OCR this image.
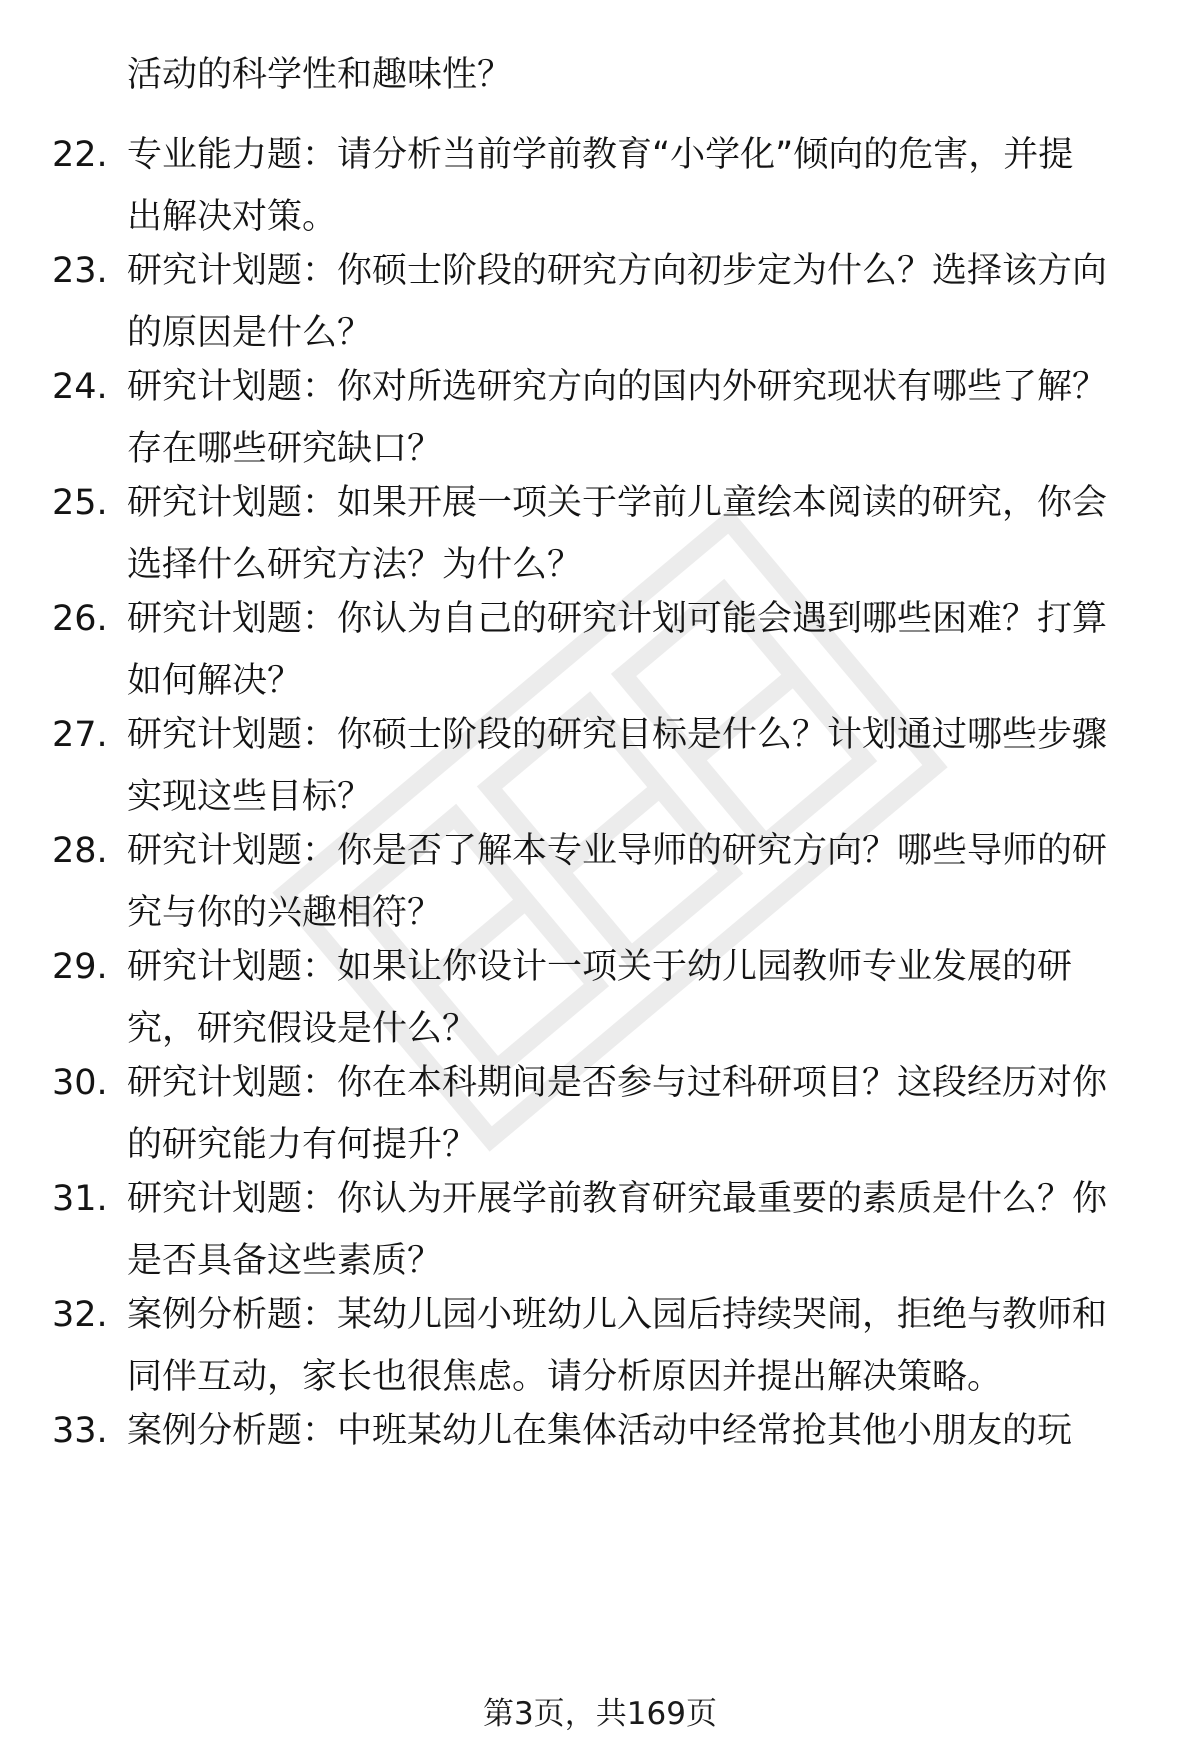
活动的科学性和趣味性？
22. 专业能力题：请分析当前学前教育“小学化”倾向的危害，并提
出解决对策。
23. 研究计划题：你硕士阶段的研究方向初步定为什么？选择该方向
的原因是什么？
24. 研究计划题：你对所选研究方向的国内外研究现状有哪些了解？
存在哪些研究缺口？
25. 研究计划题：如果开展一项关于学前儿童绘本阅读的研究，你会
选择什么研究方法？为什么？
26. 研究计划题：你认为自己的研究计划可能会遇到哪些困难？打算
如何解决？
27. 研究计划题：你硕士阶段的研究目标是什么？计划通过哪些步骤
实现这些目标？
28. 研究计划题：你是否了解本专业导师的研究方向？哪些导师的研
究与你的兴趣相符？
29. 研究计划题：如果让你设计一项关于幼儿园教师专业发展的研
究，研究假设是什么？
30. 研究计划题：你在本科期间是否参与过科研项目？这段经历对你
的研究能力有何提升？
31. 研究计划题：你认为开展学前教育研究最重要的素质是什么？你
是否具备这些素质？
32. 案例分析题：某幼儿园小班幼儿入园后持续哭闹，拒绝与教师和
同伴互动，家长也很焦虑。请分析原因并提出解决策略。
33. 案例分析题：中班某幼儿在集体活动中经常抢其他小朋友的玩
第3页，共169页
